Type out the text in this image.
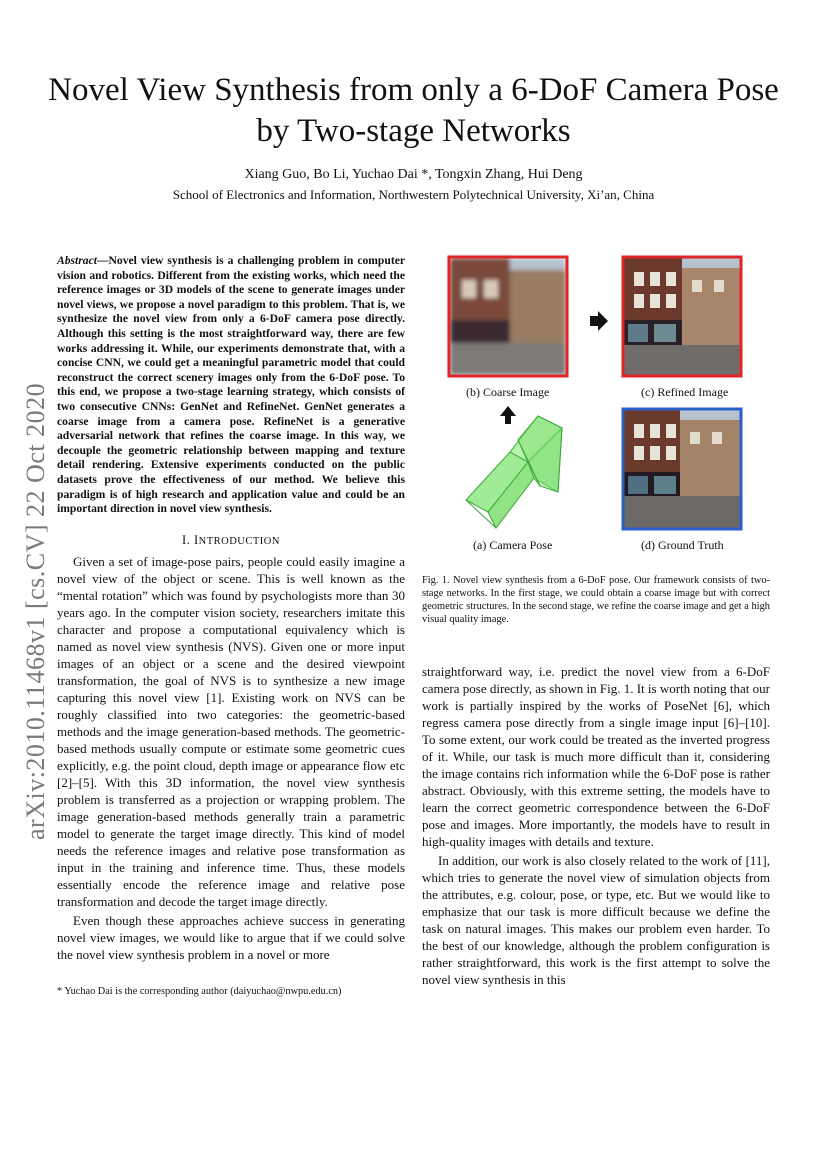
arXiv:2010.11468v1 [cs.CV] 22 Oct 2020
Novel View Synthesis from only a 6-DoF Camera Pose by Two-stage Networks
Xiang Guo, Bo Li, Yuchao Dai *, Tongxin Zhang, Hui Deng
School of Electronics and Information, Northwestern Polytechnical University, Xi’an, China

Abstract—Novel view synthesis is a challenging problem in computer vision and robotics. Different from the existing works, which need the reference images or 3D models of the scene to generate images under novel views, we propose a novel paradigm to this problem. That is, we synthesize the novel view from only a 6-DoF camera pose directly. Although this setting is the most straightforward way, there are few works addressing it. While, our experiments demonstrate that, with a concise CNN, we could get a meaningful parametric model that could reconstruct the correct scenery images only from the 6-DoF pose. To this end, we propose a two-stage learning strategy, which consists of two consecutive CNNs: GenNet and RefineNet. GenNet generates a coarse image from a camera pose. RefineNet is a generative adversarial network that refines the coarse image. In this way, we decouple the geometric relationship between mapping and texture detail rendering. Extensive experiments conducted on the public datasets prove the effectiveness of our method. We believe this paradigm is of high research and application value and could be an important direction in novel view synthesis.

I. INTRODUCTION

Given a set of image-pose pairs, people could easily imagine a novel view of the object or scene. This is well known as the “mental rotation” which was found by psychologists more than 30 years ago. In the computer vision society, researchers imitate this character and propose a computational equivalency which is named as novel view synthesis (NVS). Given one or more input images of an object or a scene and the desired viewpoint transformation, the goal of NVS is to synthesize a new image capturing this novel view [1]. Existing work on NVS can be roughly classified into two categories: the geometric-based methods and the image generation-based methods. The geometric-based methods usually compute or estimate some geometric cues explicitly, e.g. the point cloud, depth image or appearance flow etc [2]–[5]. With this 3D information, the novel view synthesis problem is transferred as a projection or wrapping problem. The image generation-based methods generally train a parametric model to generate the target image directly. This kind of model needs the reference images and relative pose transformation as input in the training and inference time. Thus, these models essentially encode the reference image and relative pose transformation and decode the target image directly.

Even though these approaches achieve success in generating novel view images, we would like to argue that if we could solve the novel view synthesis problem in a novel or more

* Yuchao Dai is the corresponding author (daiyuchao@nwpu.edu.cn)
(b) Coarse Image	(c) Refined Image
(a) Camera Pose	(d) Ground Truth
Fig. 1. Novel view synthesis from a 6-DoF pose. Our framework consists of two-stage networks. In the first stage, we could obtain a coarse image but with correct geometric structures. In the second stage, we refine the coarse image and get a high visual quality image.

straightforward way, i.e. predict the novel view from a 6-DoF camera pose directly, as shown in Fig. 1. It is worth noting that our work is partially inspired by the works of PoseNet [6], which regress camera pose directly from a single image input [6]–[10]. To some extent, our work could be treated as the inverted progress of it. While, our task is much more difficult than it, considering the image contains rich information while the 6-DoF pose is rather abstract. Obviously, with this extreme setting, the models have to learn the correct geometric correspondence between the 6-DoF pose and images. More importantly, the models have to result in high-quality images with details and texture.

In addition, our work is also closely related to the work of [11], which tries to generate the novel view of simulation objects from the attributes, e.g. colour, pose, or type, etc. But we would like to emphasize that our task is more difficult because we define the task on natural images. This makes our problem even harder. To the best of our knowledge, although the problem configuration is rather straightforward, this work is the first attempt to solve the novel view synthesis in this
